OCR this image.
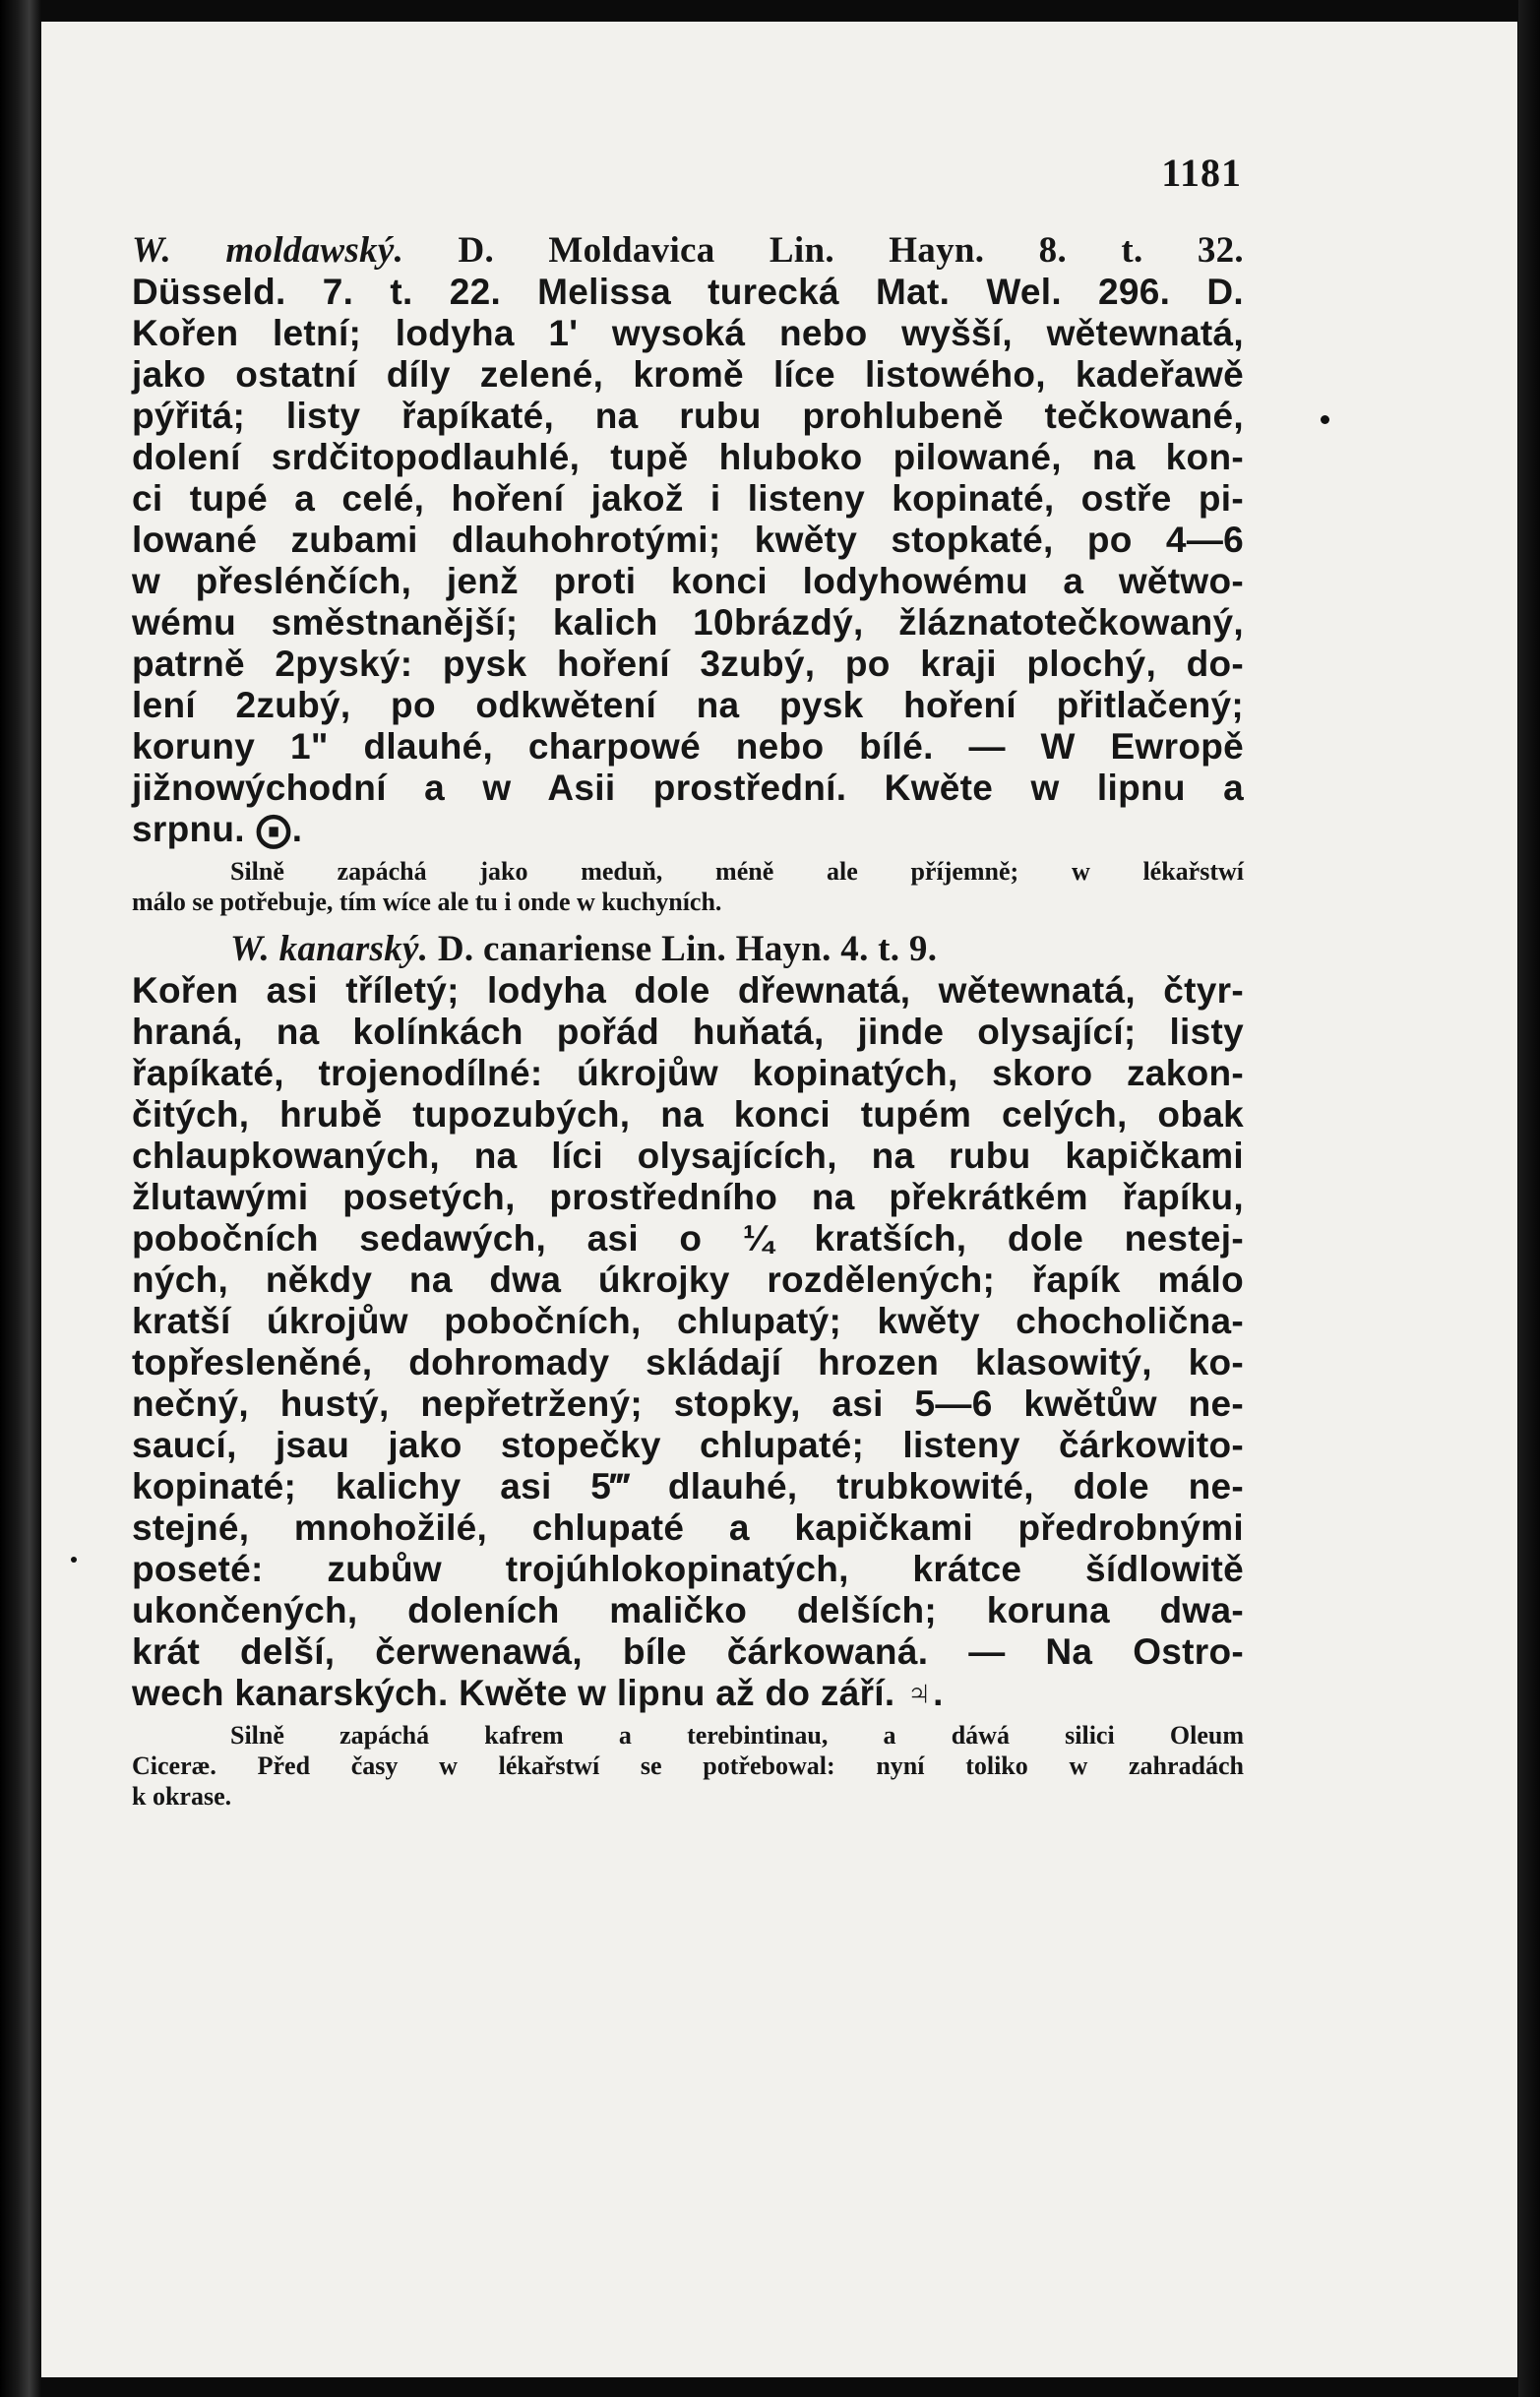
1181
W. moldawský. D. Moldavica Lin. Hayn. 8. t. 32.
Düsseld. 7. t. 22. Melissa turecká Mat. Wel. 296. D.
Kořen letní; lodyha 1' wysoká nebo wyšší, wětewnatá,
jako ostatní díly zelené, kromě líce listowého, kadeřawě
pýřitá; listy řapíkaté, na rubu prohlubeně tečkowané,
dolení srdčitopodlauhlé, tupě hluboko pilowané, na kon-
ci tupé a celé, hoření jakož i listeny kopinaté, ostře pi-
lowané zubami dlauhohrotými; kwěty stopkaté, po 4—6
w přeslénčích, jenž proti konci lodyhowému a wětwo-
wému směstnanější; kalich 10brázdý, žláznatotečkowaný,
patrně 2pyský: pysk hoření 3zubý, po kraji plochý, do-
lení 2zubý, po odkwětení na pysk hoření přitlačený;
koruny 1" dlauhé, charpowé nebo bílé. — W Ewropě
jižnowýchodní a w Asii prostřední. Kwěte w lipnu a
srpnu. ⨀.
Silně zapáchá jako meduň, méně ale příjemně; w lékařstwí
málo se potřebuje, tím wíce ale tu i onde w kuchyních.
W. kanarský. D. canariense Lin. Hayn. 4. t. 9.
Kořen asi tříletý; lodyha dole dřewnatá, wětewnatá, čtyr-
hraná, na kolínkách pořád huňatá, jinde olysající; listy
řapíkaté, trojenodílné: úkrojůw kopinatých, skoro zakon-
čitých, hrubě tupozubých, na konci tupém celých, obak
chlaupkowaných, na líci olysajících, na rubu kapičkami
žlutawými posetých, prostředního na překrátkém řapíku,
pobočních sedawých, asi o ¼ kratších, dole nestej-
ných, někdy na dwa úkrojky rozdělených; řapík málo
kratší úkrojůw pobočních, chlupatý; kwěty chocholična-
topřesleněné, dohromady skládají hrozen klasowitý, ko-
nečný, hustý, nepřetržený; stopky, asi 5—6 kwětůw ne-
saucí, jsau jako stopečky chlupaté; listeny čárkowito-
kopinaté; kalichy asi 5‴ dlauhé, trubkowité, dole ne-
stejné, mnohožilé, chlupaté a kapičkami předrobnými
poseté: zubůw trojúhlokopinatých, krátce šídlowitě
ukončených, doleních maličko delších; koruna dwa-
krát delší, čerwenawá, bíle čárkowaná. — Na Ostro-
wech kanarských. Kwěte w lipnu až do září. ♃.
Silně zapáchá kafrem a terebintinau, a dáwá silici Oleum
Ciceræ. Před časy w lékařstwí se potřebowal: nyní toliko w zahradách
k okrase.
